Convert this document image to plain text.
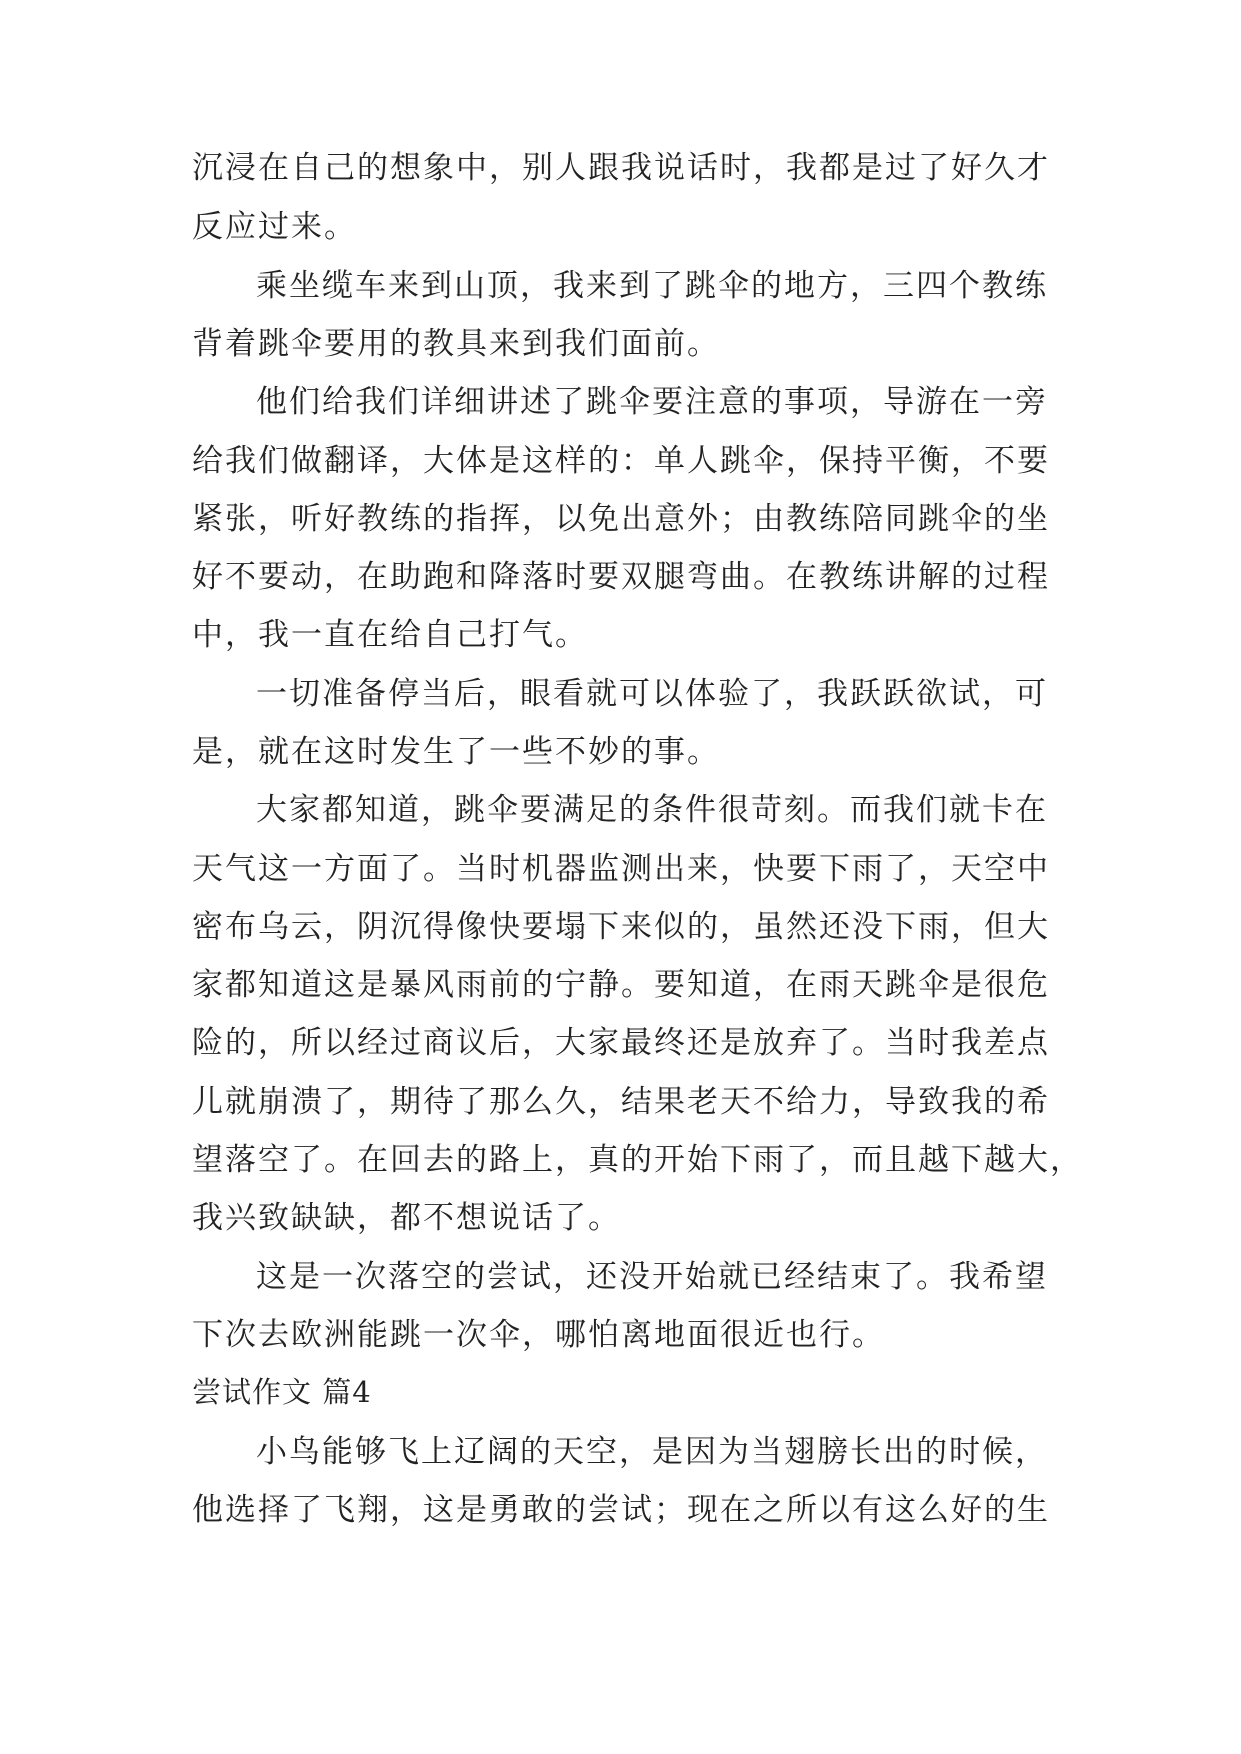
沉浸在自己的想象中，别人跟我说话时，我都是过了好久才

反应过来。

乘坐缆车来到山顶，我来到了跳伞的地方，三四个教练

背着跳伞要用的教具来到我们面前。

他们给我们详细讲述了跳伞要注意的事项，导游在一旁

给我们做翻译，大体是这样的：单人跳伞，保持平衡，不要

紧张，听好教练的指挥，以免出意外；由教练陪同跳伞的坐

好不要动，在助跑和降落时要双腿弯曲。在教练讲解的过程

中，我一直在给自己打气。

一切准备停当后，眼看就可以体验了，我跃跃欲试，可

是，就在这时发生了一些不妙的事。

大家都知道，跳伞要满足的条件很苛刻。而我们就卡在

天气这一方面了。当时机器监测出来，快要下雨了，天空中

密布乌云，阴沉得像快要塌下来似的，虽然还没下雨，但大

家都知道这是暴风雨前的宁静。要知道，在雨天跳伞是很危

险的，所以经过商议后，大家最终还是放弃了。当时我差点

儿就崩溃了，期待了那么久，结果老天不给力，导致我的希

望落空了。在回去的路上，真的开始下雨了，而且越下越大，

我兴致缺缺，都不想说话了。

这是一次落空的尝试，还没开始就已经结束了。我希望

下次去欧洲能跳一次伞，哪怕离地面很近也行。

尝试作文 篇4

小鸟能够飞上辽阔的天空，是因为当翅膀长出的时候，

他选择了飞翔，这是勇敢的尝试；现在之所以有这么好的生
